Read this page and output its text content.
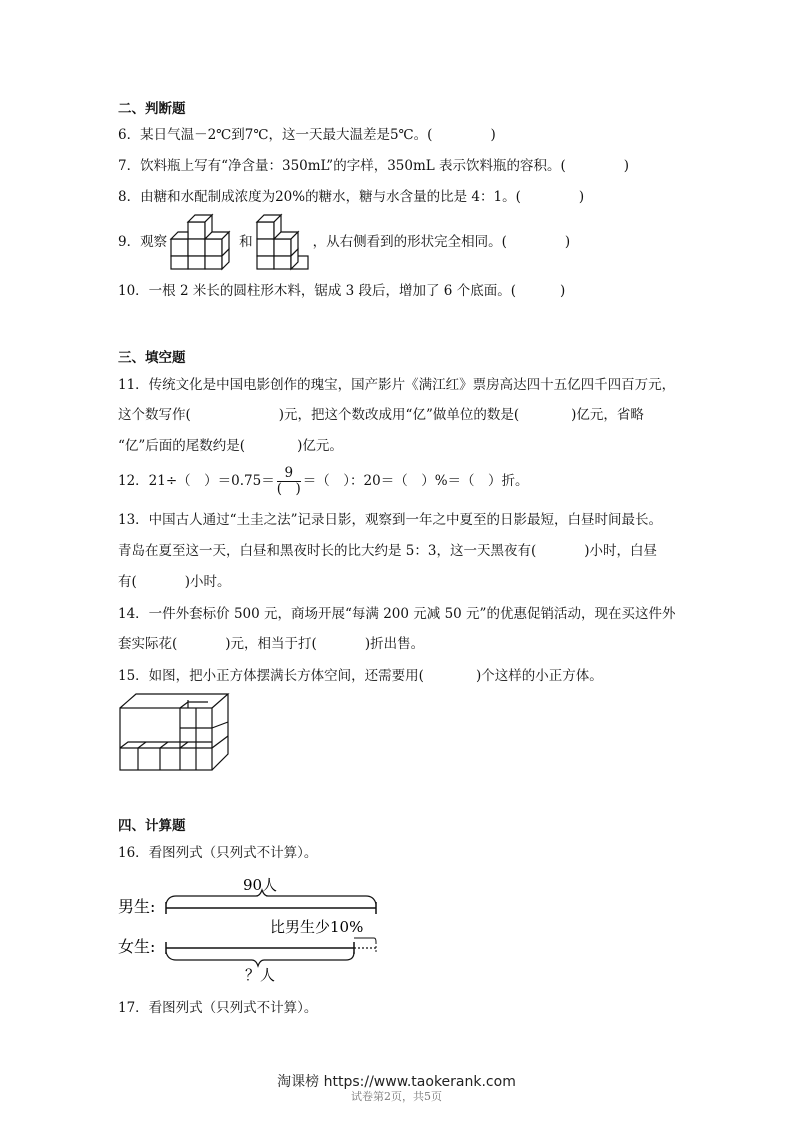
二、判断题
6．某日气温－2℃到7℃，这一天最大温差是5℃。(	)
7．饮料瓶上写有“净含量：350mL”的字样，350mL 表示饮料瓶的容积。(	)
8．由糖和水配制成浓度为20%的糖水，糖与水含量的比是 4：1。(	)
9．观察	和	，从右侧看到的形状完全相同。(	)
10．一根 2 米长的圆柱形木料，锯成 3 段后，增加了 6 个底面。(	)
三、填空题
11．传统文化是中国电影创作的瑰宝，国产影片《满江红》票房高达四十五亿四千四百万元，
这个数写作(	)元，把这个数改成用“亿”做单位的数是(	)亿元，省略
“亿”后面的尾数约是(	)亿元。
12．21÷（　）$=0.75= \frac{9}{( )}$ ＝（　）：20＝（　）%＝（　）折。
13．中国古人通过“土圭之法”记录日影，观察到一年之中夏至的日影最短，白昼时间最长。
青岛在夏至这一天，白昼和黑夜时长的比大约是 5：3，这一天黑夜有(	)小时，白昼
有(	)小时。
14．一件外套标价 500 元，商场开展“每满 200 元减 50 元”的优惠促销活动，现在买这件外
套实际花(	)元，相当于打(	)折出售。
15．如图，把小正方体摆满长方体空间，还需要用(	)个这样的小正方体。
四、计算题
16．看图列式（只列式不计算）。
90人
男生:
比男生少10%
女生:
？人
17．看图列式（只列式不计算）。
淘课榜 https://www.taokerank.com
试卷第2页，共5页
